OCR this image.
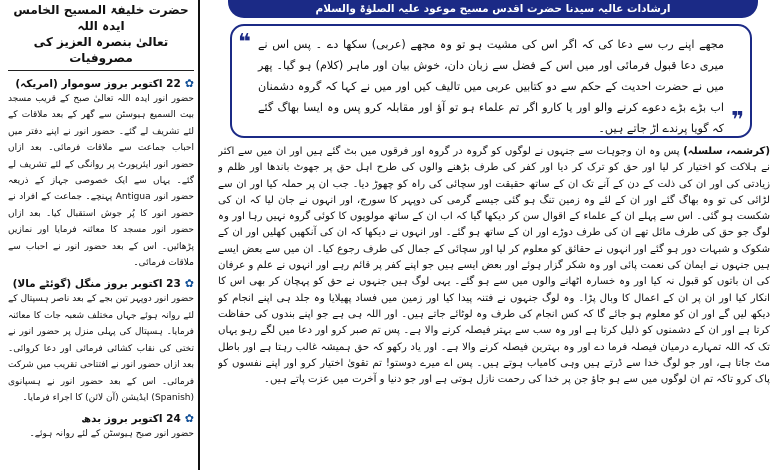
حضرت خلیفۃ المسیح الخامس ایدہ اللہ
تعالیٰ بنصرہ العزیز کی مصروفیات
✿
22 اکتوبر بروز سوموار (امریکہ)

حضور انور ایدہ اللہ تعالیٰ صبح کے قریب مسجد بیت السمیع ہیوسٹن سے گھر کے بعد ملاقات کے لئے تشریف لے گئے۔ حضور انور نے اپنے دفتر میں احباب جماعت سے ملاقات فرمائی۔ بعد ازاں حضور انور ایئرپورٹ پر روانگی کے لئے تشریف لے گئے۔ یہاں سے ایک خصوصی جہاز کے ذریعہ حضور انور Antigua پہنچے۔ جماعت کے افراد نے حضور انور کا پُر جوش استقبال کیا۔ بعد ازاں حضور انور مسجد کا معائنہ فرمایا اور نمازیں پڑھائیں۔ اس کے بعد حضور انور نے احباب سے ملاقات فرمائی۔

✿
23 اکتوبر بروز منگل (گوئٹے مالا)

حضور انور دوپہر تین بجے کے بعد ناصر ہسپتال کے لئے روانہ ہوئے جہاں مختلف شعبہ جات کا معائنہ فرمایا۔ ہسپتال کی پہلی منزل پر حضور انور نے تختی کی نقاب کشائی فرمائی اور دعا کروائی۔ بعد ازاں حضور انور نے افتتاحی تقریب میں شرکت فرمائی۔ اس کے بعد حضور انور نے ہسپانوی (Spanish) ایڈیشن (آن لائن) کا اجراء فرمایا۔

✿
24 اکتوبر بروز بدھ

حضور انور صبح ہیوسٹن کے لئے روانہ ہوئے۔

ارشادات عالیہ سیدنا حضرت اقدس مسیح موعود علیہ الصلوٰۃ والسلام
❝ مجھے اپنے رب سے دعا کی کہ اگر اس کی مشیت ہو تو وہ مجھے (عربی) سکھا دے ۔ پس اس نے میری دعا قبول فرمائی اور میں اس کے فضل سے زبان دان، خوش بیان اور ماہر (کلام) ہو گیا۔ پھر میں نے حضرت احدیت کے حکم سے دو کتابیں عربی میں تالیف کیں اور میں نے کہا کہ گروہ دشمنان اب بڑے بڑے دعوے کرنے والو اور یا کارو اگر تم علماء ہو تو آؤ اور مقابلہ کرو پس وہ ایسا بھاگ گئے کہ گویا پرندے اڑ جاتے ہیں۔ ❞

(کرشمہ، سلسلہ) پس وہ ان وجوہات سے جنہوں نے لوگوں کو گروہ در گروہ اور فرقوں میں بٹ گئے ہیں اور ان میں سے اکثر نے ہلاکت کو اختیار کر لیا اور حق کو ترک کر دیا اور کفر کی طرف بڑھنے والوں کی طرح اہل حق پر جھوٹ باندھا اور ظلم و زیادتی کی اور ان کی ذلت کے دن کے آنے تک ان کے ساتھ حقیقت اور سچائی کی راہ کو چھوڑ دیا۔ جب ان پر حملہ کیا اور ان سے لڑائی کی تو وہ بھاگ گئے اور ان کے لئے وہ زمین تنگ ہو گئی جیسے گرمی کی دوپہر کا سورج، اور انہوں نے جان لیا کہ ان کی شکست ہو گئی۔ اس سے پہلے ان کے علماء کے اقوال سن کر دیکھا گیا کہ اب ان کے ساتھ مولویوں کا کوئی گروہ نہیں رہا اور وہ لوگ جو حق کی طرف مائل تھے ان کی طرف دوڑے اور ان کے ساتھ ہو گئے۔ اور انہوں نے دیکھا کہ ان کی آنکھیں کھلیں اور ان کے شکوک و شبہات دور ہو گئے اور انہوں نے حقائق کو معلوم کر لیا اور سچائی کے جمال کی طرف رجوع کیا۔ ان میں سے بعض ایسے ہیں جنہوں نے ایمان کی نعمت پائی اور وہ شکر گزار ہوئے اور بعض ایسے ہیں جو اپنے کفر پر قائم رہے اور انہوں نے علم و عرفان کی ان باتوں کو قبول نہ کیا اور وہ خسارہ اٹھانے والوں میں سے ہو گئے۔ یہی لوگ ہیں جنہوں نے حق کو پہچان کر بھی اس کا انکار کیا اور ان پر ان کے اعمال کا وبال پڑا۔ وہ لوگ جنہوں نے فتنہ پیدا کیا اور زمین میں فساد پھیلایا وہ جلد ہی اپنے انجام کو دیکھ لیں گے اور ان کو معلوم ہو جائے گا کہ کس انجام کی طرف وہ لوٹائے جاتے ہیں۔ اور اللہ ہی ہے جو اپنے بندوں کی حفاظت کرتا ہے اور ان کے دشمنوں کو ذلیل کرتا ہے اور وہ سب سے بہتر فیصلہ کرنے والا ہے۔ پس تم صبر کرو اور دعا میں لگے رہو یہاں تک کہ اللہ تمہارے درمیان فیصلہ فرما دے اور وہ بہترین فیصلہ کرنے والا ہے۔ اور یاد رکھو کہ حق ہمیشہ غالب رہتا ہے اور باطل مٹ جاتا ہے، اور جو لوگ خدا سے ڈرتے ہیں وہی کامیاب ہوتے ہیں۔ پس اے میرے دوستو! تم تقویٰ اختیار کرو اور اپنے نفسوں کو پاک کرو تاکہ تم ان لوگوں میں سے ہو جاؤ جن پر خدا کی رحمت نازل ہوتی ہے اور جو دنیا و آخرت میں عزت پاتے ہیں۔
